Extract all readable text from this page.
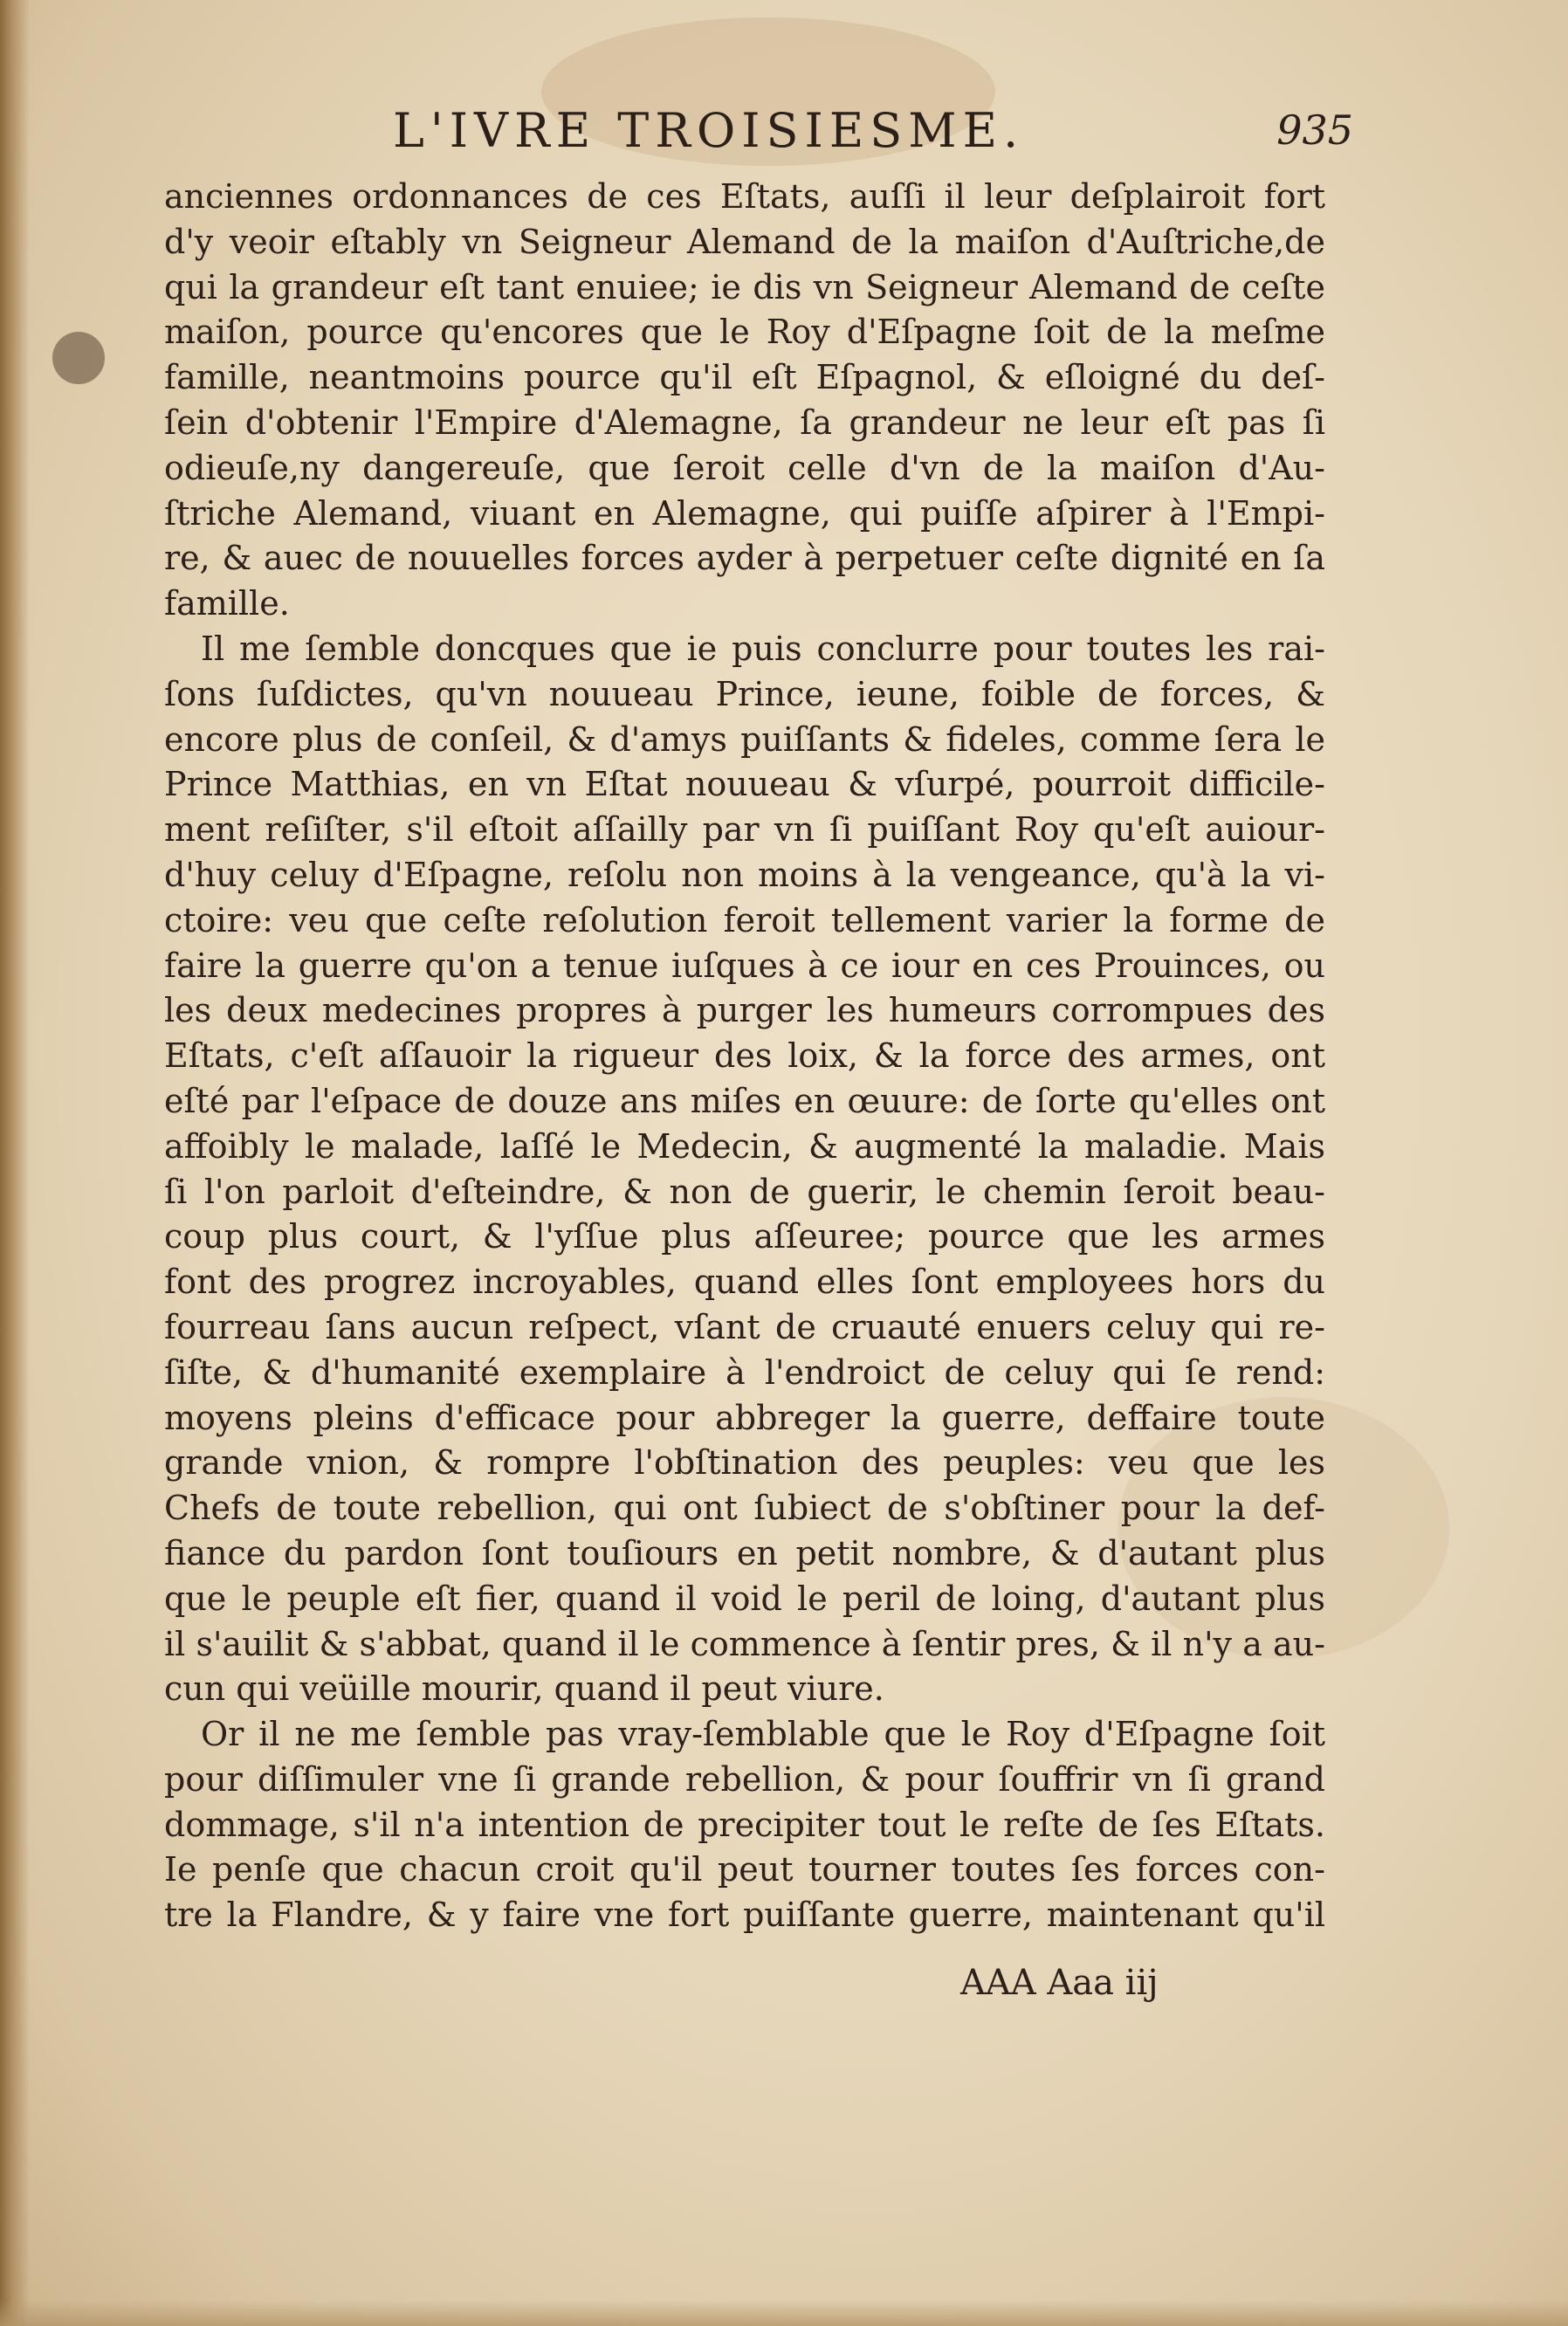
L'IVRE TROISIESME.	935
anciennes ordonnances de ces Eſtats, auſſi il leur deſplairoit fort
d'y veoir eſtably vn Seigneur Alemand de la maiſon d'Auſtriche,de
qui la grandeur eſt tant enuiee; ie dis vn Seigneur Alemand de ceſte
maiſon, pource qu'encores que le Roy d'Eſpagne ſoit de la meſme
famille, neantmoins pource qu'il eſt Eſpagnol, & eſloigné du deſ-
ſein d'obtenir l'Empire d'Alemagne, ſa grandeur ne leur eſt pas ſi
odieuſe,ny dangereuſe, que ſeroit celle d'vn de la maiſon d'Au-
ſtriche Alemand, viuant en Alemagne, qui puiſſe aſpirer à l'Empi-
re, & auec de nouuelles forces ayder à perpetuer ceſte dignité en ſa
famille.
Il me ſemble doncques que ie puis conclurre pour toutes les rai-
ſons ſuſdictes, qu'vn nouueau Prince, ieune, foible de forces, &
encore plus de conſeil, & d'amys puiſſants & fideles, comme ſera le
Prince Matthias, en vn Eſtat nouueau & vſurpé, pourroit difficile-
ment reſiſter, s'il eſtoit aſſailly par vn ſi puiſſant Roy qu'eſt auiour-
d'huy celuy d'Eſpagne, reſolu non moins à la vengeance, qu'à la vi-
ctoire: veu que ceſte reſolution feroit tellement varier la forme de
faire la guerre qu'on a tenue iuſques à ce iour en ces Prouinces, ou
les deux medecines propres à purger les humeurs corrompues des
Eſtats, c'eſt aſſauoir la rigueur des loix, & la force des armes, ont
eſté par l'eſpace de douze ans miſes en œuure: de ſorte qu'elles ont
affoibly le malade, laſſé le Medecin, & augmenté la maladie. Mais
ſi l'on parloit d'eſteindre, & non de guerir, le chemin ſeroit beau-
coup plus court, & l'yſſue plus aſſeuree; pource que les armes
font des progrez incroyables, quand elles ſont employees hors du
fourreau ſans aucun reſpect, vſant de cruauté enuers celuy qui re-
ſiſte, & d'humanité exemplaire à l'endroict de celuy qui ſe rend:
moyens pleins d'efficace pour abbreger la guerre, deffaire toute
grande vnion, & rompre l'obſtination des peuples: veu que les
Chefs de toute rebellion, qui ont ſubiect de s'obſtiner pour la def-
fiance du pardon ſont touſiours en petit nombre, & d'autant plus
que le peuple eſt fier, quand il void le peril de loing, d'autant plus
il s'auilit & s'abbat, quand il le commence à ſentir pres, & il n'y a au-
cun qui veüille mourir, quand il peut viure.
Or il ne me ſemble pas vray-ſemblable que le Roy d'Eſpagne ſoit
pour diſſimuler vne ſi grande rebellion, & pour ſouffrir vn ſi grand
dommage, s'il n'a intention de precipiter tout le reſte de ſes Eſtats.
Ie penſe que chacun croit qu'il peut tourner toutes ſes forces con-
tre la Flandre, & y faire vne fort puiſſante guerre, maintenant qu'il
AAA Aaa iij
